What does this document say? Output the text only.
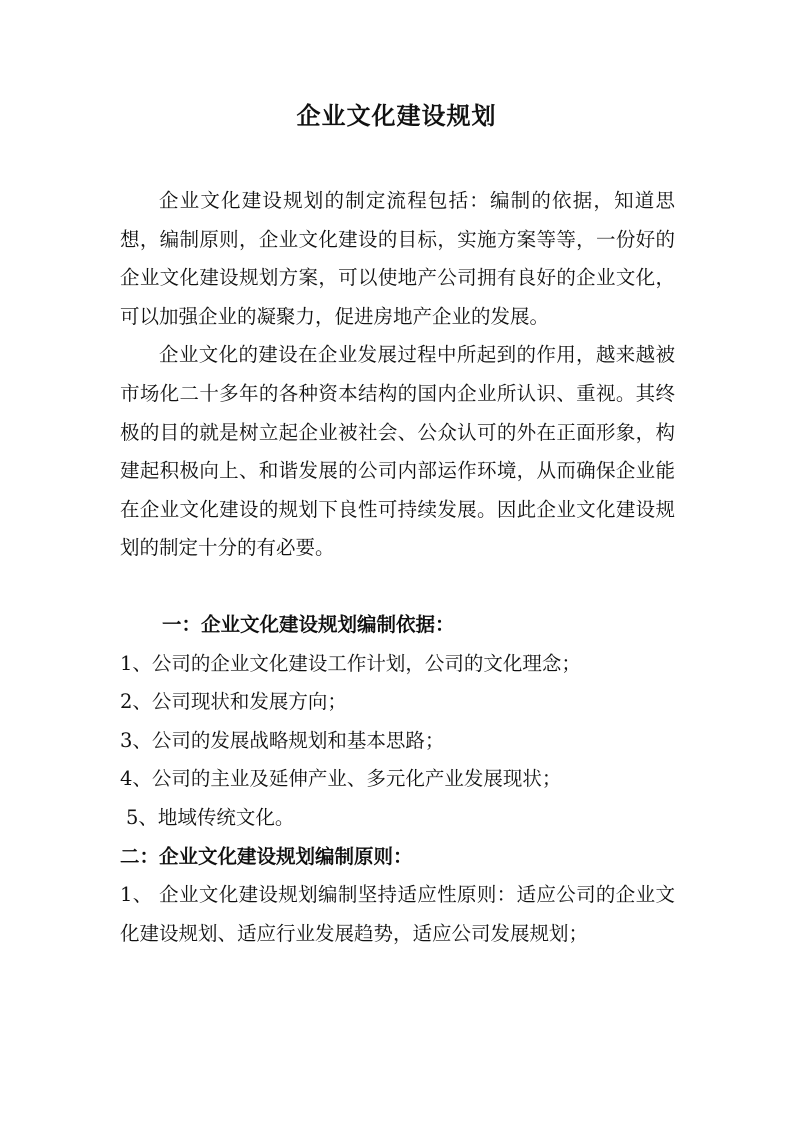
企业文化建设规划

企业文化建设规划的制定流程包括：编制的依据，知道思想，编制原则，企业文化建设的目标，实施方案等等，一份好的企业文化建设规划方案，可以使地产公司拥有良好的企业文化，可以加强企业的凝聚力，促进房地产企业的发展。

企业文化的建设在企业发展过程中所起到的作用，越来越被市场化二十多年的各种资本结构的国内企业所认识、重视。其终极的目的就是树立起企业被社会、公众认可的外在正面形象，构建起积极向上、和谐发展的公司内部运作环境，从而确保企业能在企业文化建设的规划下良性可持续发展。因此企业文化建设规划的制定十分的有必要。

一：企业文化建设规划编制依据：

1、公司的企业文化建设工作计划，公司的文化理念；

2、公司现状和发展方向；

3、公司的发展战略规划和基本思路；

4、公司的主业及延伸产业、多元化产业发展现状；

5、地域传统文化。

二：企业文化建设规划编制原则：

1、 企业文化建设规划编制坚持适应性原则：适应公司的企业文化建设规划、适应行业发展趋势，适应公司发展规划；
